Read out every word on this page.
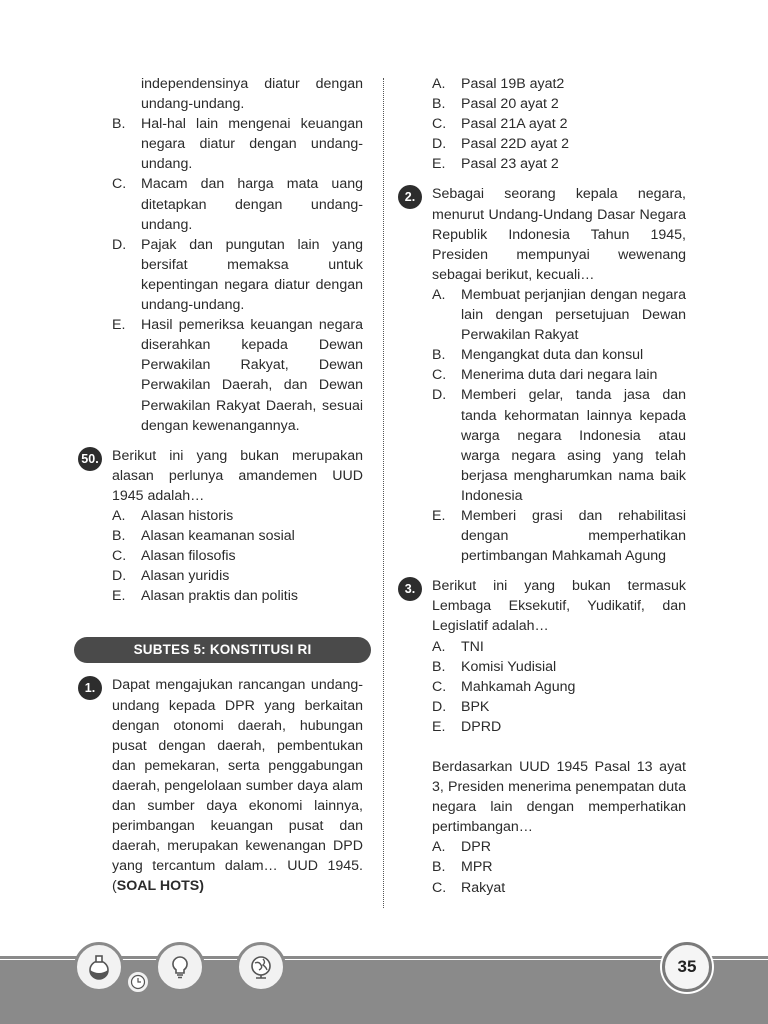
independensinya diatur dengan undang-undang.
B.	Hal-hal lain mengenai keuangan negara diatur dengan undang-undang.
C.	Macam dan harga mata uang ditetapkan dengan undang-undang.
D.	Pajak dan pungutan lain yang bersifat memaksa untuk kepentingan negara diatur dengan undang-undang.
E.	Hasil pemeriksa keuangan negara diserahkan kepada Dewan Perwakilan Rakyat, Dewan Perwakilan Daerah, dan Dewan Perwakilan Rakyat Daerah, sesuai dengan kewenangannya.
50. Berikut ini yang bukan merupakan alasan perlunya amandemen UUD 1945 adalah…
A.	Alasan historis
B.	Alasan keamanan sosial
C.	Alasan filosofis
D.	Alasan yuridis
E.	Alasan praktis dan politis
SUBTES 5: KONSTITUSI RI
1.	Dapat mengajukan rancangan undang-undang kepada DPR yang berkaitan dengan otonomi daerah, hubungan pusat dengan daerah, pembentukan dan pemekaran, serta penggabungan daerah, pengelolaan sumber daya alam dan sumber daya ekonomi lainnya, perimbangan keuangan pusat dan daerah, merupakan kewenangan DPD yang tercantum dalam… UUD 1945. (SOAL HOTS)
A.	Pasal 19B ayat2
B.	Pasal 20 ayat 2
C.	Pasal 21A ayat 2
D.	Pasal 22D ayat 2
E.	Pasal 23 ayat 2
2.	Sebagai seorang kepala negara, menurut Undang-Undang Dasar Negara Republik Indonesia Tahun 1945, Presiden mempunyai wewenang sebagai berikut, kecuali…
A.	Membuat perjanjian dengan negara lain dengan persetujuan Dewan Perwakilan Rakyat
B.	Mengangkat duta dan konsul
C.	Menerima duta dari negara lain
D.	Memberi gelar, tanda jasa dan tanda kehormatan lainnya kepada warga negara Indonesia atau warga negara asing yang telah berjasa mengharumkan nama baik Indonesia
E.	Memberi grasi dan rehabilitasi dengan memperhatikan pertimbangan Mahkamah Agung
3.	Berikut ini yang bukan termasuk Lembaga Eksekutif, Yudikatif, dan Legislatif adalah…
A.	TNI
B.	Komisi Yudisial
C.	Mahkamah Agung
D.	BPK
E.	DPRD
Berdasarkan UUD 1945 Pasal 13 ayat 3, Presiden menerima penempatan duta negara lain dengan memperhatikan pertimbangan…
A.	DPR
B.	MPR
C.	Rakyat
35
